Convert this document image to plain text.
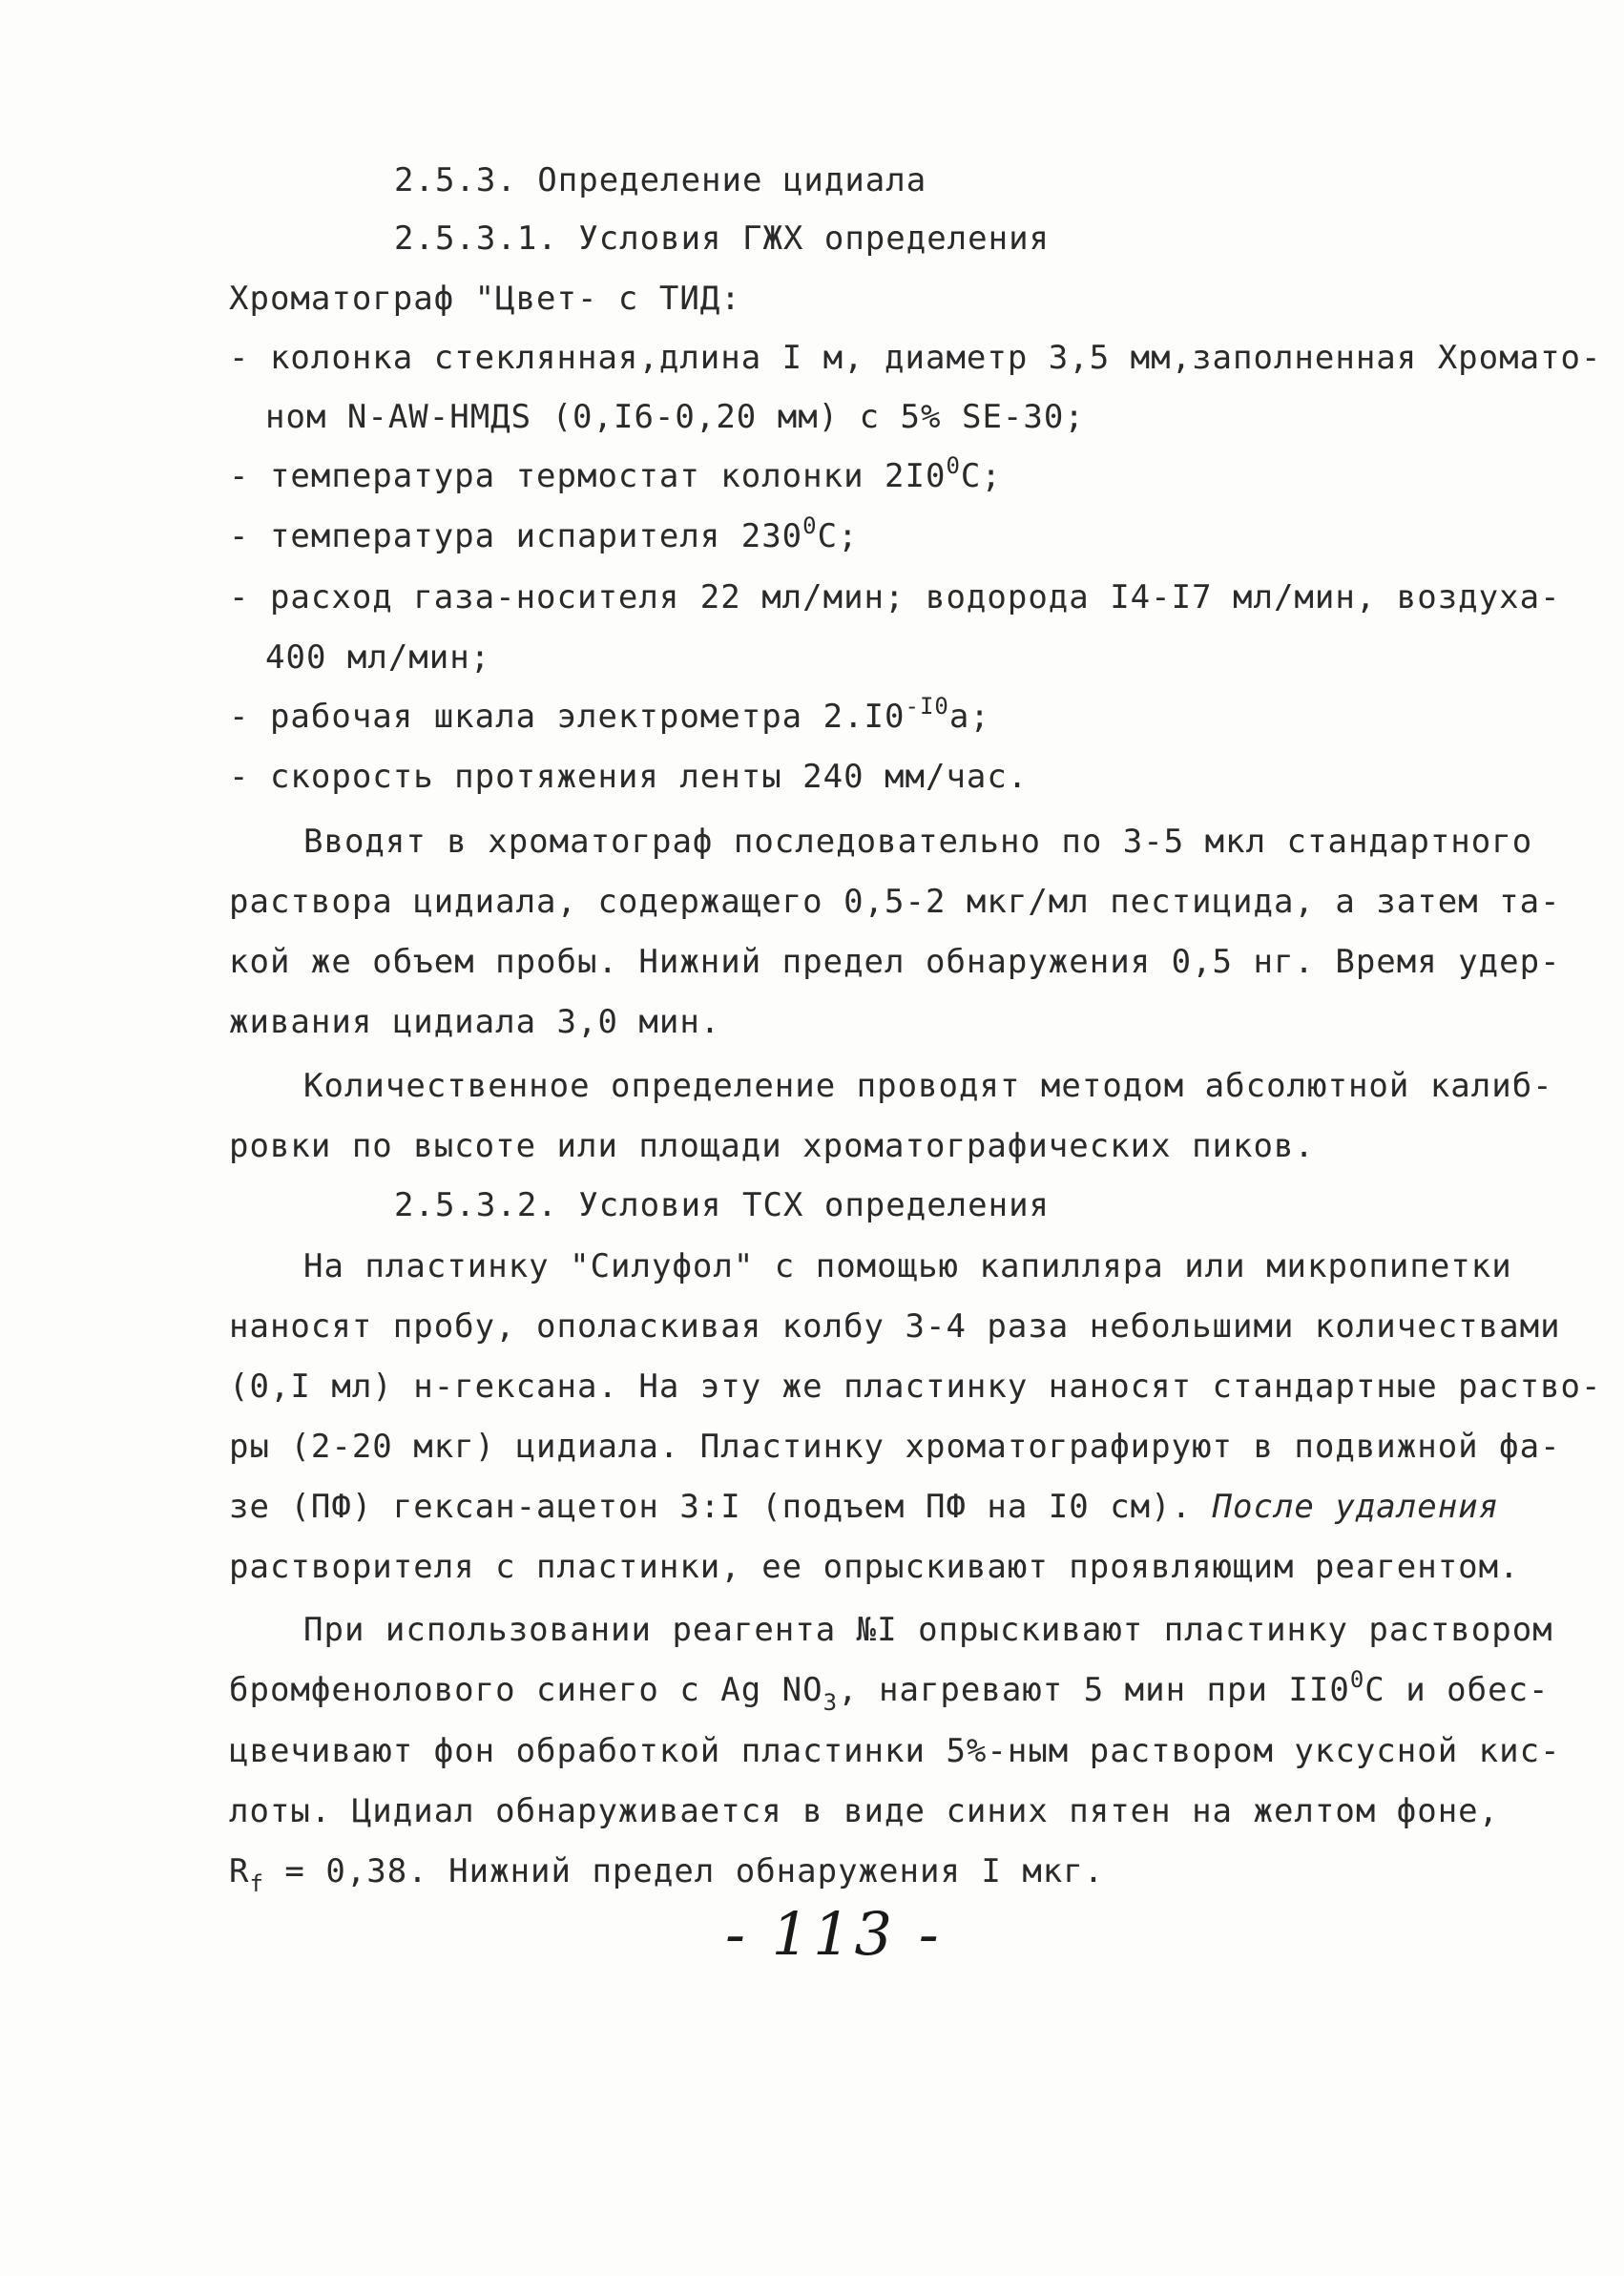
2.5.3. Определение цидиала
2.5.3.1. Условия ГЖХ определения
Хроматограф "Цвет- с ТИД:
- колонка стеклянная,длина I м, диаметр 3,5 мм,заполненная Хромато-
ном N-AW-НМДS (0,I6-0,20 мм) с 5% SE-30;
- температура термостат колонки $2I0^0С$;
- температура испарителя $230^0С$;
- расход газа-носителя 22 мл/мин; водорода I4-I7 мл/мин, воздуха-
400 мл/мин;
- рабочая шкала электрометра $2.I0^{-I0}а$;
- скорость протяжения ленты 240 мм/час.
Вводят в хроматограф последовательно по 3-5 мкл стандартного
раствора цидиала, содержащего 0,5-2 мкг/мл пестицида, а затем та-
кой же объем пробы. Нижний предел обнаружения 0,5 нг. Время удер-
живания цидиала 3,0 мин.
Количественное определение проводят методом абсолютной калиб-
ровки по высоте или площади хроматографических пиков.
2.5.3.2. Условия ТСХ определения
На пластинку "Силуфол" с помощью капилляра или микропипетки
наносят пробу, ополаскивая колбу 3-4 раза небольшими количествами
(0,I мл) н-гексана. На эту же пластинку наносят стандартные раство-
ры (2-20 мкг) цидиала. Пластинку хроматографируют в подвижной фа-
зе (ПФ) гексан-ацетон 3:I (подъем ПФ на I0 см). После удаления
растворителя с пластинки, ее опрыскивают проявляющим реагентом.
При использовании реагента №I опрыскивают пластинку раствором
бромфенолового синего с Ag $NO_3$, нагревают 5 мин при $II0^0С$ и обес-
цвечивают фон обработкой пластинки 5%-ным раствором уксусной кис-
лоты. Цидиал обнаруживается в виде синих пятен на желтом фоне,
$R_f = 0,38$. Нижний предел обнаружения I мкг.
- 113 -
